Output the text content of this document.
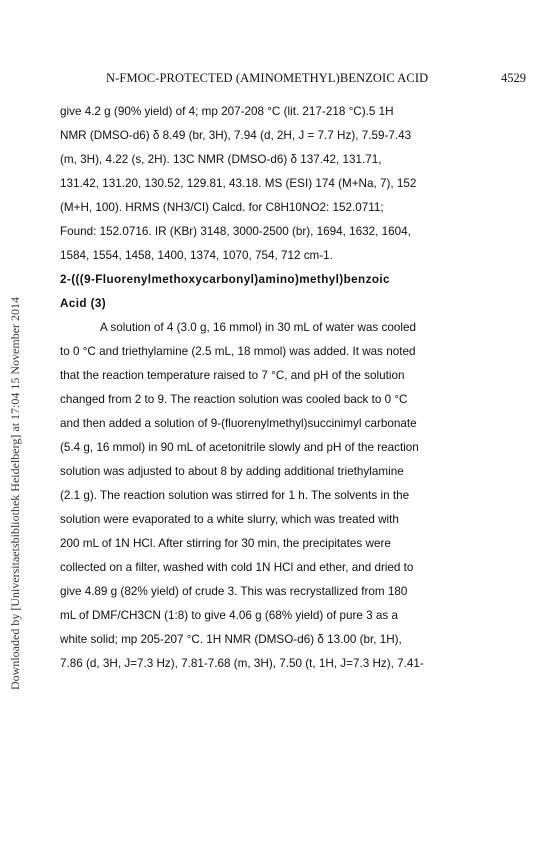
N-FMOC-PROTECTED (AMINOMETHYL)BENZOIC ACID	4529
Downloaded by [Universitaetsbibliothek Heidelberg] at 17:04 15 November 2014
give 4.2 g (90% yield) of 4; mp 207-208 °C (lit. 217-218 °C).5 1H
NMR (DMSO-d6) δ 8.49 (br, 3H), 7.94 (d, 2H, J = 7.7 Hz), 7.59-7.43
(m, 3H), 4.22 (s, 2H). 13C NMR (DMSO-d6) δ 137.42, 131.71,
131.42, 131.20, 130.52, 129.81, 43.18. MS (ESI) 174 (M+Na, 7), 152
(M+H, 100). HRMS (NH3/CI) Calcd. for C8H10NO2: 152.0711;
Found: 152.0716. IR (KBr) 3148, 3000-2500 (br), 1694, 1632, 1604,
1584, 1554, 1458, 1400, 1374, 1070, 754, 712 cm-1.
2-(((9-Fluorenylmethoxycarbonyl)amino)methyl)benzoic
Acid (3)
A solution of 4 (3.0 g, 16 mmol) in 30 mL of water was cooled
to 0 °C and triethylamine (2.5 mL, 18 mmol) was added. It was noted
that the reaction temperature raised to 7 °C, and pH of the solution
changed from 2 to 9. The reaction solution was cooled back to 0 °C
and then added a solution of 9-(fluorenylmethyl)succinimyl carbonate
(5.4 g, 16 mmol) in 90 mL of acetonitrile slowly and pH of the reaction
solution was adjusted to about 8 by adding additional triethylamine
(2.1 g). The reaction solution was stirred for 1 h. The solvents in the
solution were evaporated to a white slurry, which was treated with
200 mL of 1N HCl. After stirring for 30 min, the precipitates were
collected on a filter, washed with cold 1N HCl and ether, and dried to
give 4.89 g (82% yield) of crude 3. This was recrystallized from 180
mL of DMF/CH3CN (1:8) to give 4.06 g (68% yield) of pure 3 as a
white solid; mp 205-207 °C. 1H NMR (DMSO-d6) δ 13.00 (br, 1H),
7.86 (d, 3H, J=7.3 Hz), 7.81-7.68 (m, 3H), 7.50 (t, 1H, J=7.3 Hz), 7.41-
